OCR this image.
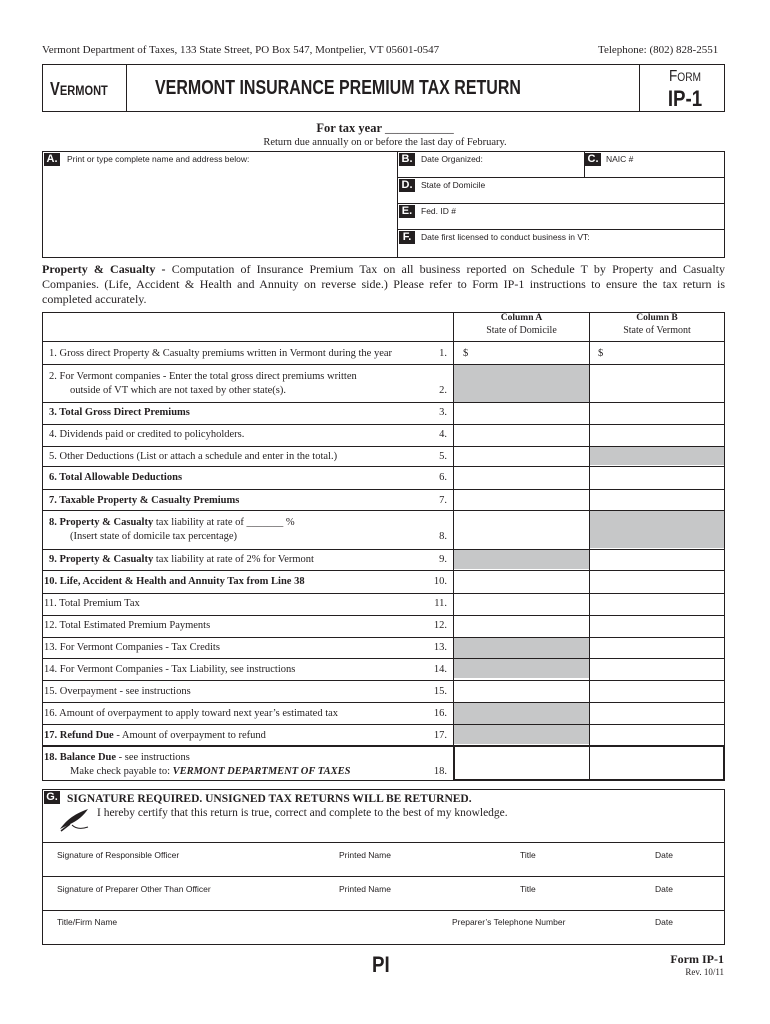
Vermont Department of Taxes, 133 State Street, PO Box 547, Montpelier, VT 05601-0547	Telephone: (802) 828-2551
VERMONT	VERMONT INSURANCE PREMIUM TAX RETURN
FORM
IP-1
For tax year ___________
Return due annually on or before the last day of February.
A. Print or type complete name and address below:	B. Date Organized:	C. NAIC #
D. State of Domicile
E.	Fed. ID #
F.	Date first licensed to conduct business in VT:
Property & Casualty - Computation of Insurance Premium Tax on all business reported on Schedule T by Property and Casualty Companies. (Life, Accident & Health and Annuity on reverse side.) Please refer to Form IP-1 instructions to ensure the tax return is completed accurately.
Column A
State of Domicile
Column B
State of Vermont
1. Gross direct Property & Casualty premiums written in Vermont during the year	1. $	$
2. For Vermont companies - Enter the total gross direct premiums written
outside of VT which are not taxed by other state(s).	2.
3. Total Gross Direct Premiums	3.
4. Dividends paid or credited to policyholders.	4.
5. Other Deductions (List or attach a schedule and enter in the total.)	5.
6. Total Allowable Deductions	6.
7. Taxable Property & Casualty Premiums	7.
8. Property & Casualty tax liability at rate of _______ %
(Insert state of domicile tax percentage)	8.
9. Property & Casualty tax liability at rate of 2% for Vermont	9.
10. Life, Accident & Health and Annuity Tax from Line 38	10.
11. Total Premium Tax	11.
12. Total Estimated Premium Payments	12.
13. For Vermont Companies - Tax Credits	13.
14. For Vermont Companies - Tax Liability, see instructions	14.
15. Overpayment - see instructions	15.
16. Amount of overpayment to apply toward next year’s estimated tax	16.
17. Refund Due - Amount of overpayment to refund	17.
18. Balance Due - see instructions
Make check payable to: VERMONT DEPARTMENT OF TAXES	18.
G. SIGNATURE REQUIRED. UNSIGNED TAX RETURNS WILL BE RETURNED.
I hereby certify that this return is true, correct and complete to the best of my knowledge.
Signature of Responsible Officer	Printed Name	Title	Date
Signature of Preparer Other Than Officer	Printed Name	Title	Date
Title/Firm Name	Preparer’s Telephone Number	Date
PI	Form IP-1
Rev. 10/11
